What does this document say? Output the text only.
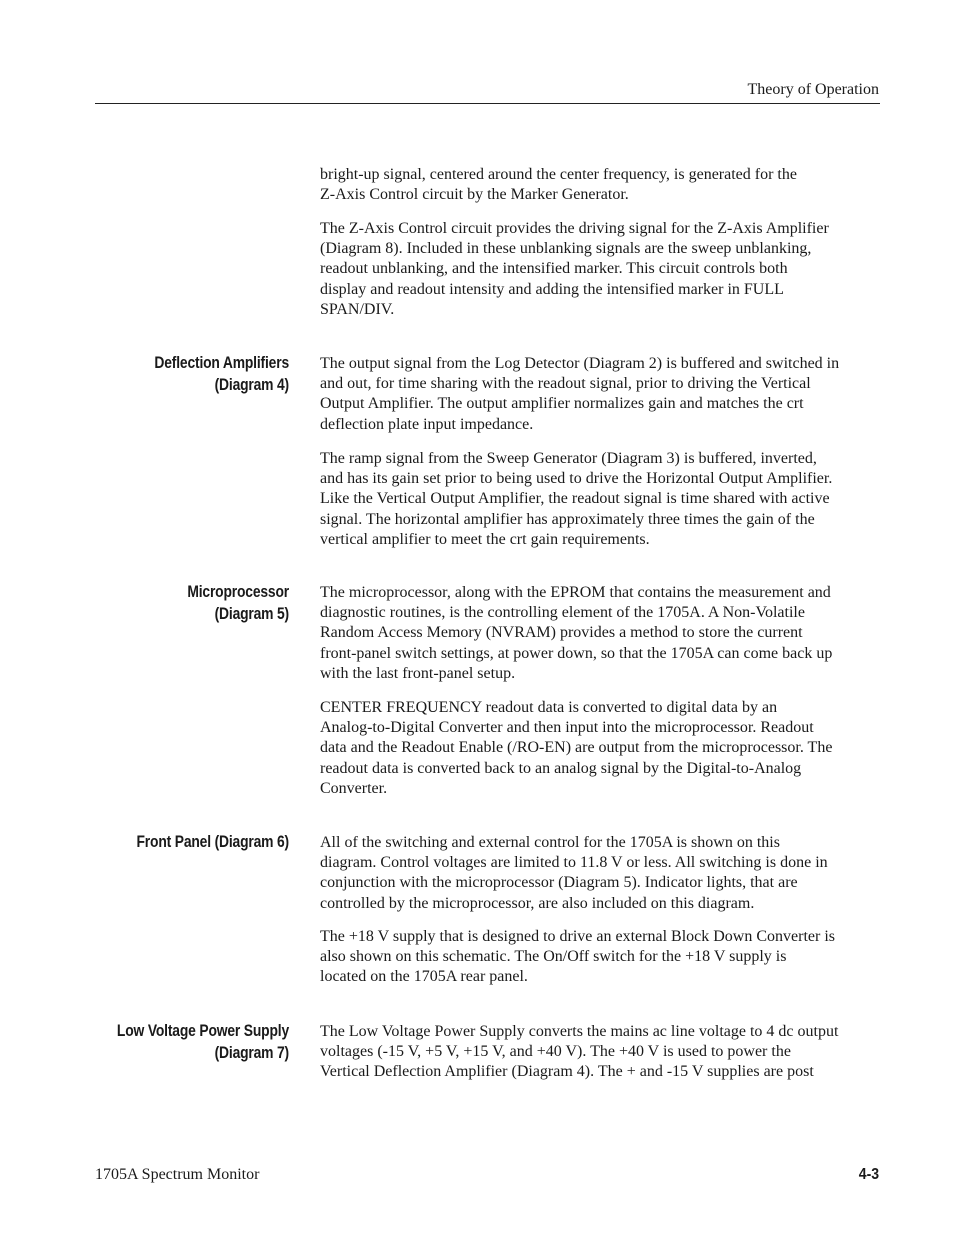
Theory of Operation

bright-up signal, centered around the center frequency, is generated for the
Z-Axis Control circuit by the Marker Generator.

The Z-Axis Control circuit provides the driving signal for the Z-Axis Amplifier
(Diagram 8). Included in these unblanking signals are the sweep unblanking,
readout unblanking, and the intensified marker. This circuit controls both
display and readout intensity and adding the intensified marker in FULL
SPAN/DIV.

Deflection Amplifiers
(Diagram 4)

The output signal from the Log Detector (Diagram 2) is buffered and switched in
and out, for time sharing with the readout signal, prior to driving the Vertical
Output Amplifier. The output amplifier normalizes gain and matches the crt
deflection plate input impedance.

The ramp signal from the Sweep Generator (Diagram 3) is buffered, inverted,
and has its gain set prior to being used to drive the Horizontal Output Amplifier.
Like the Vertical Output Amplifier, the readout signal is time shared with active
signal. The horizontal amplifier has approximately three times the gain of the
vertical amplifier to meet the crt gain requirements.

Microprocessor
(Diagram 5)

The microprocessor, along with the EPROM that contains the measurement and
diagnostic routines, is the controlling element of the 1705A. A Non-Volatile
Random Access Memory (NVRAM) provides a method to store the current
front-panel switch settings, at power down, so that the 1705A can come back up
with the last front-panel setup.

CENTER FREQUENCY readout data is converted to digital data by an
Analog-to-Digital Converter and then input into the microprocessor. Readout
data and the Readout Enable (/RO-EN) are output from the microprocessor. The
readout data is converted back to an analog signal by the Digital-to-Analog
Converter.

Front Panel (Diagram 6) All of the switching and external control for the 1705A is shown on this
diagram. Control voltages are limited to 11.8 V or less. All switching is done in
conjunction with the microprocessor (Diagram 5). Indicator lights, that are
controlled by the microprocessor, are also included on this diagram.

The +18 V supply that is designed to drive an external Block Down Converter is
also shown on this schematic. The On/Off switch for the +18 V supply is
located on the 1705A rear panel.

Low Voltage Power Supply
(Diagram 7)

The Low Voltage Power Supply converts the mains ac line voltage to 4 dc output
voltages (-15 V, +5 V, +15 V, and +40 V). The +40 V is used to power the
Vertical Deflection Amplifier (Diagram 4). The + and -15 V supplies are post

1705A Spectrum Monitor	4-3
